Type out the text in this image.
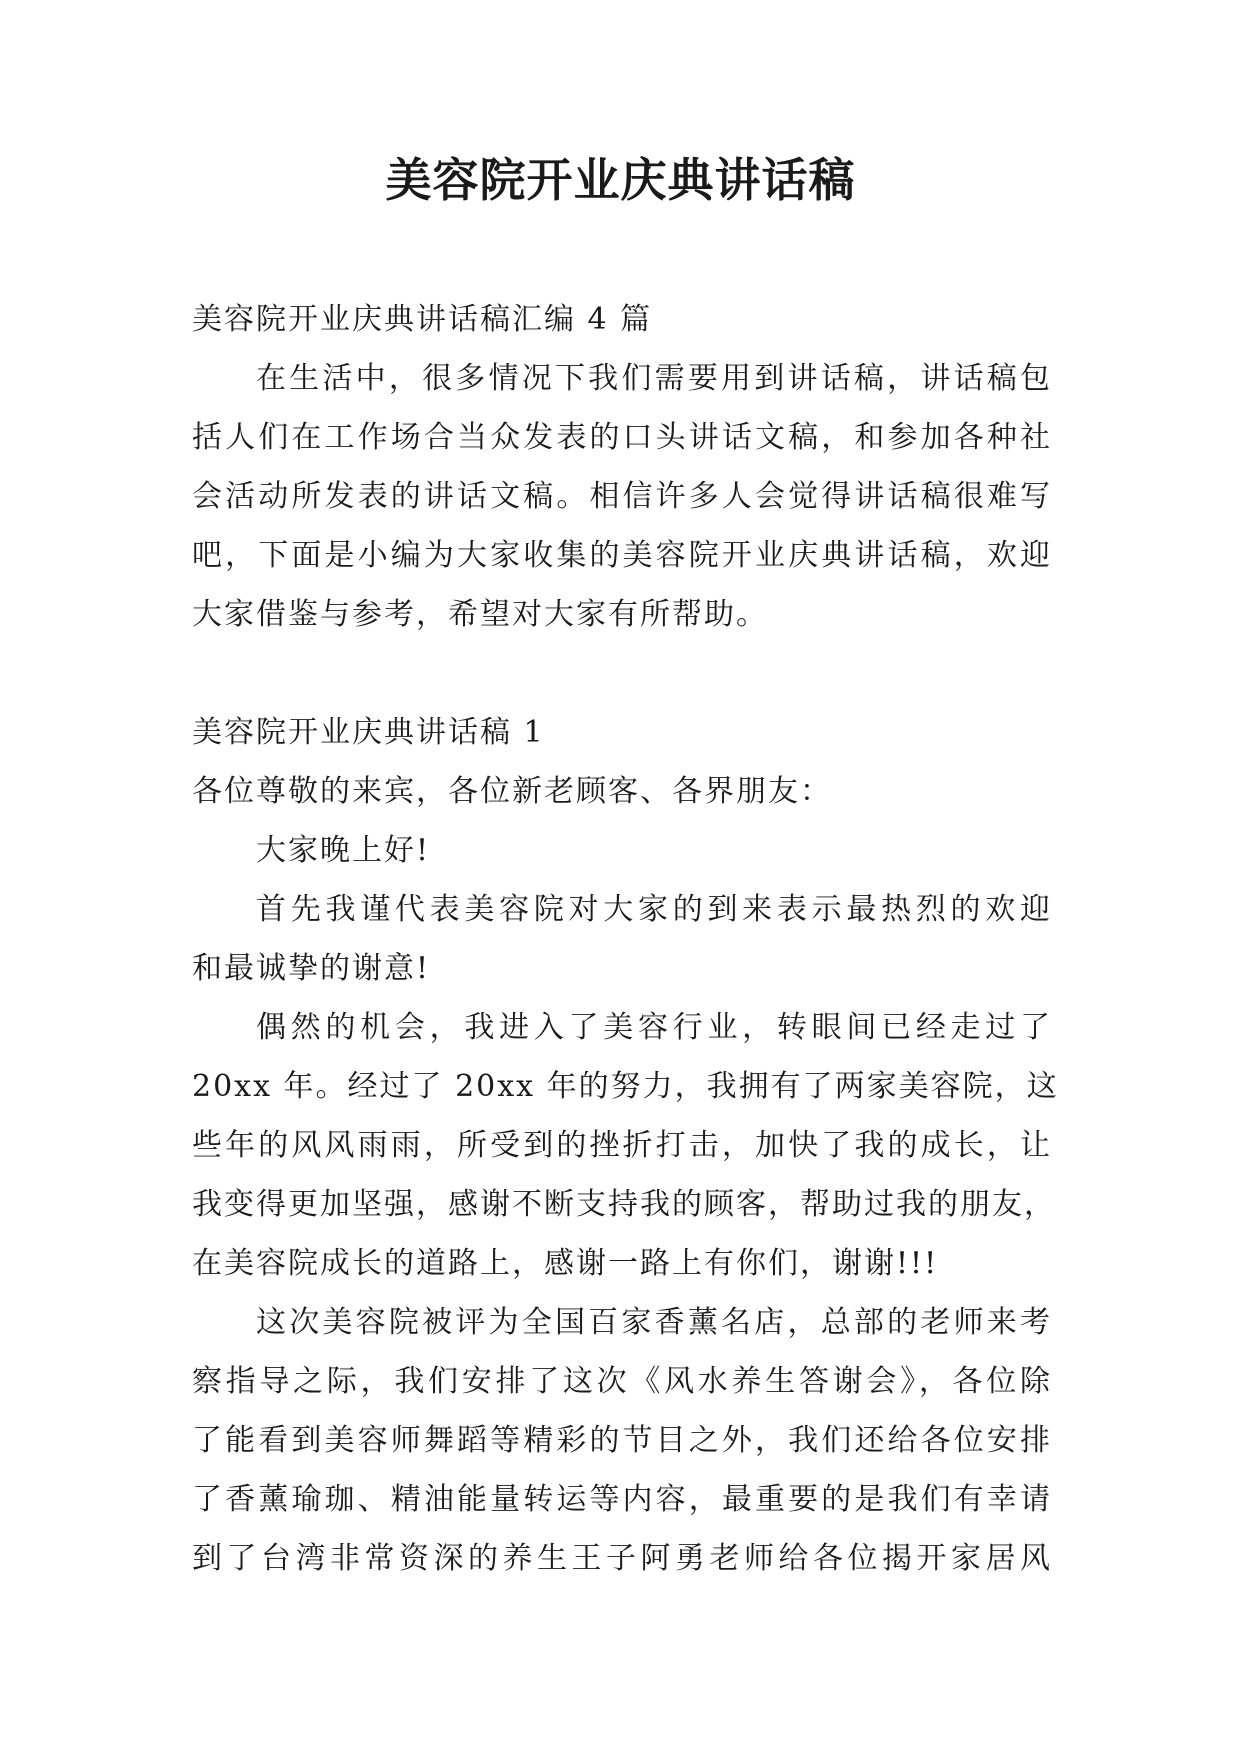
美容院开业庆典讲话稿
美容院开业庆典讲话稿汇编 4 篇
在生活中，很多情况下我们需要用到讲话稿，讲话稿包
括人们在工作场合当众发表的口头讲话文稿，和参加各种社
会活动所发表的讲话文稿。相信许多人会觉得讲话稿很难写
吧，下面是小编为大家收集的美容院开业庆典讲话稿，欢迎
大家借鉴与参考，希望对大家有所帮助。
美容院开业庆典讲话稿 1
各位尊敬的来宾，各位新老顾客、各界朋友：
大家晚上好!
首先我谨代表美容院对大家的到来表示最热烈的欢迎
和最诚挚的谢意!
偶然的机会，我进入了美容行业，转眼间已经走过了
20xx 年。经过了 20xx 年的努力，我拥有了两家美容院，这
些年的风风雨雨，所受到的挫折打击，加快了我的成长，让
我变得更加坚强，感谢不断支持我的顾客，帮助过我的朋友，
在美容院成长的道路上，感谢一路上有你们，谢谢!!!
这次美容院被评为全国百家香薰名店，总部的老师来考
察指导之际，我们安排了这次《风水养生答谢会》，各位除
了能看到美容师舞蹈等精彩的节目之外，我们还给各位安排
了香薰瑜珈、精油能量转运等内容，最重要的是我们有幸请
到了台湾非常资深的养生王子阿勇老师给各位揭开家居风
